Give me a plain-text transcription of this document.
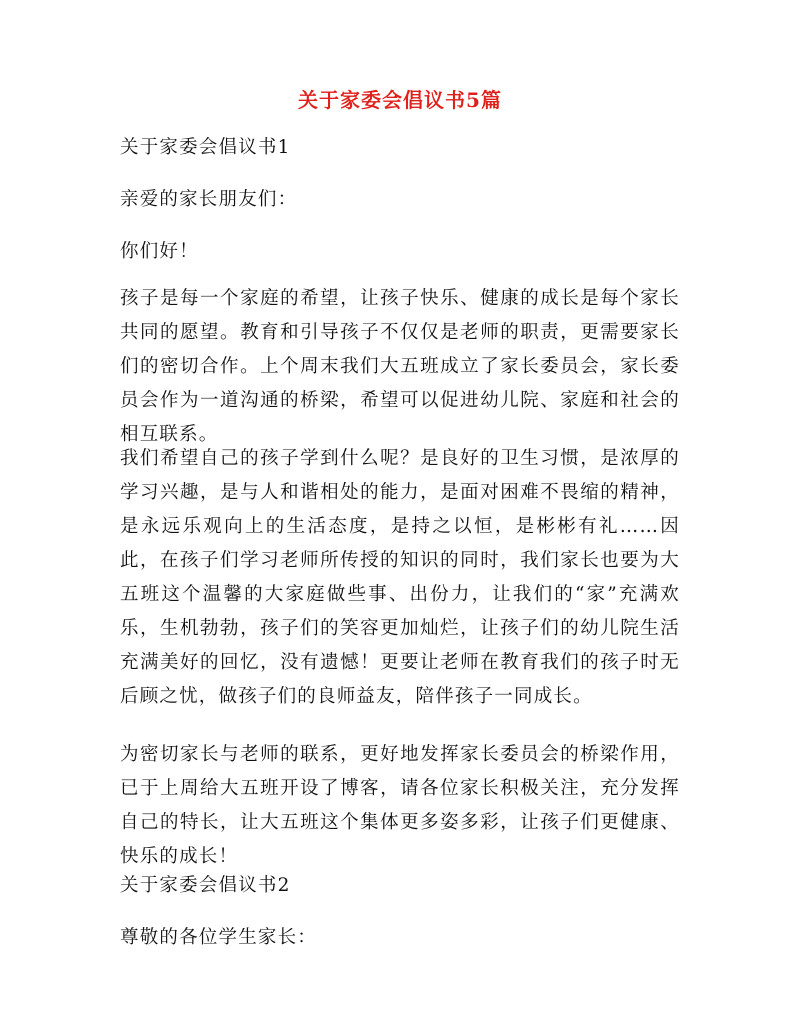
关于家委会倡议书5篇
关于家委会倡议书1
亲爱的家长朋友们：
你们好！
孩子是每一个家庭的希望，让孩子快乐、健康的成长是每个家长共同的愿望。教育和引导孩子不仅仅是老师的职责，更需要家长们的密切合作。上个周末我们大五班成立了家长委员会，家长委员会作为一道沟通的桥梁，希望可以促进幼儿院、家庭和社会的相互联系。
我们希望自己的孩子学到什么呢？是良好的卫生习惯，是浓厚的学习兴趣，是与人和谐相处的能力，是面对困难不畏缩的精神，是永远乐观向上的生活态度，是持之以恒，是彬彬有礼……因此，在孩子们学习老师所传授的知识的同时，我们家长也要为大五班这个温馨的大家庭做些事、出份力，让我们的“家”充满欢乐，生机勃勃，孩子们的笑容更加灿烂，让孩子们的幼儿院生活充满美好的回忆，没有遗憾！更要让老师在教育我们的孩子时无后顾之忧，做孩子们的良师益友，陪伴孩子一同成长。
为密切家长与老师的联系，更好地发挥家长委员会的桥梁作用，已于上周给大五班开设了博客，请各位家长积极关注，充分发挥自己的特长，让大五班这个集体更多姿多彩，让孩子们更健康、快乐的成长！
关于家委会倡议书2
尊敬的各位学生家长：
